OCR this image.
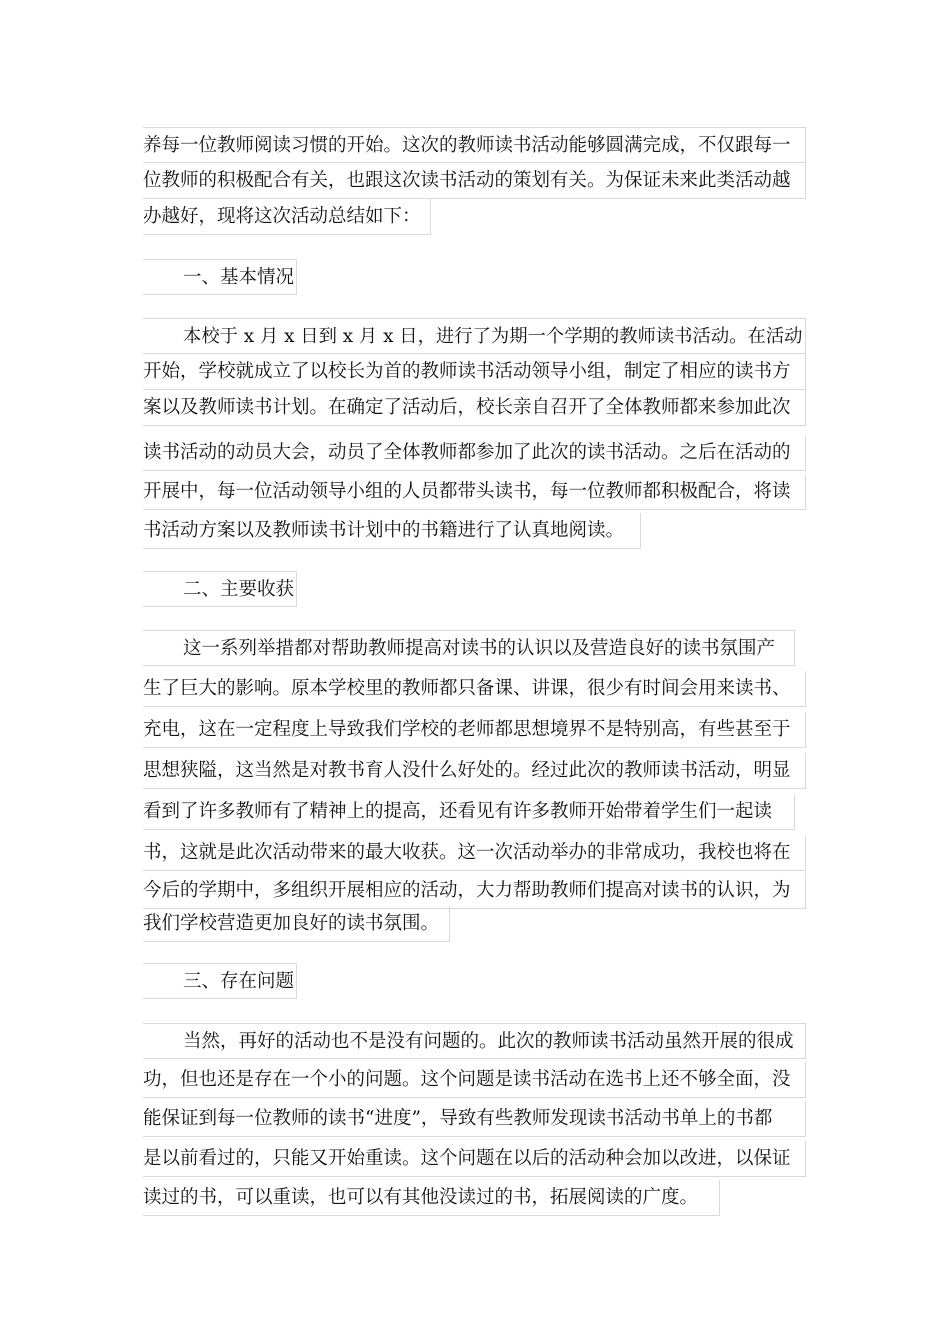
养每一位教师阅读习惯的开始。这次的教师读书活动能够圆满完成，不仅跟每一
位教师的积极配合有关，也跟这次读书活动的策划有关。为保证未来此类活动越
办越好，现将这次活动总结如下：
一、基本情况
本校于 x 月 x 日到 x 月 x 日，进行了为期一个学期的教师读书活动。在活动
开始，学校就成立了以校长为首的教师读书活动领导小组，制定了相应的读书方
案以及教师读书计划。在确定了活动后，校长亲自召开了全体教师都来参加此次
读书活动的动员大会，动员了全体教师都参加了此次的读书活动。之后在活动的
开展中，每一位活动领导小组的人员都带头读书，每一位教师都积极配合，将读
书活动方案以及教师读书计划中的书籍进行了认真地阅读。
二、主要收获
这一系列举措都对帮助教师提高对读书的认识以及营造良好的读书氛围产
生了巨大的影响。原本学校里的教师都只备课、讲课，很少有时间会用来读书、
充电，这在一定程度上导致我们学校的老师都思想境界不是特别高，有些甚至于
思想狭隘，这当然是对教书育人没什么好处的。经过此次的教师读书活动，明显
看到了许多教师有了精神上的提高，还看见有许多教师开始带着学生们一起读
书，这就是此次活动带来的最大收获。这一次活动举办的非常成功，我校也将在
今后的学期中，多组织开展相应的活动，大力帮助教师们提高对读书的认识，为
我们学校营造更加良好的读书氛围。
三、存在问题
当然，再好的活动也不是没有问题的。此次的教师读书活动虽然开展的很成
功，但也还是存在一个小的问题。这个问题是读书活动在选书上还不够全面，没
能保证到每一位教师的读书“进度”，导致有些教师发现读书活动书单上的书都
是以前看过的，只能又开始重读。这个问题在以后的活动种会加以改进，以保证
读过的书，可以重读，也可以有其他没读过的书，拓展阅读的广度。
